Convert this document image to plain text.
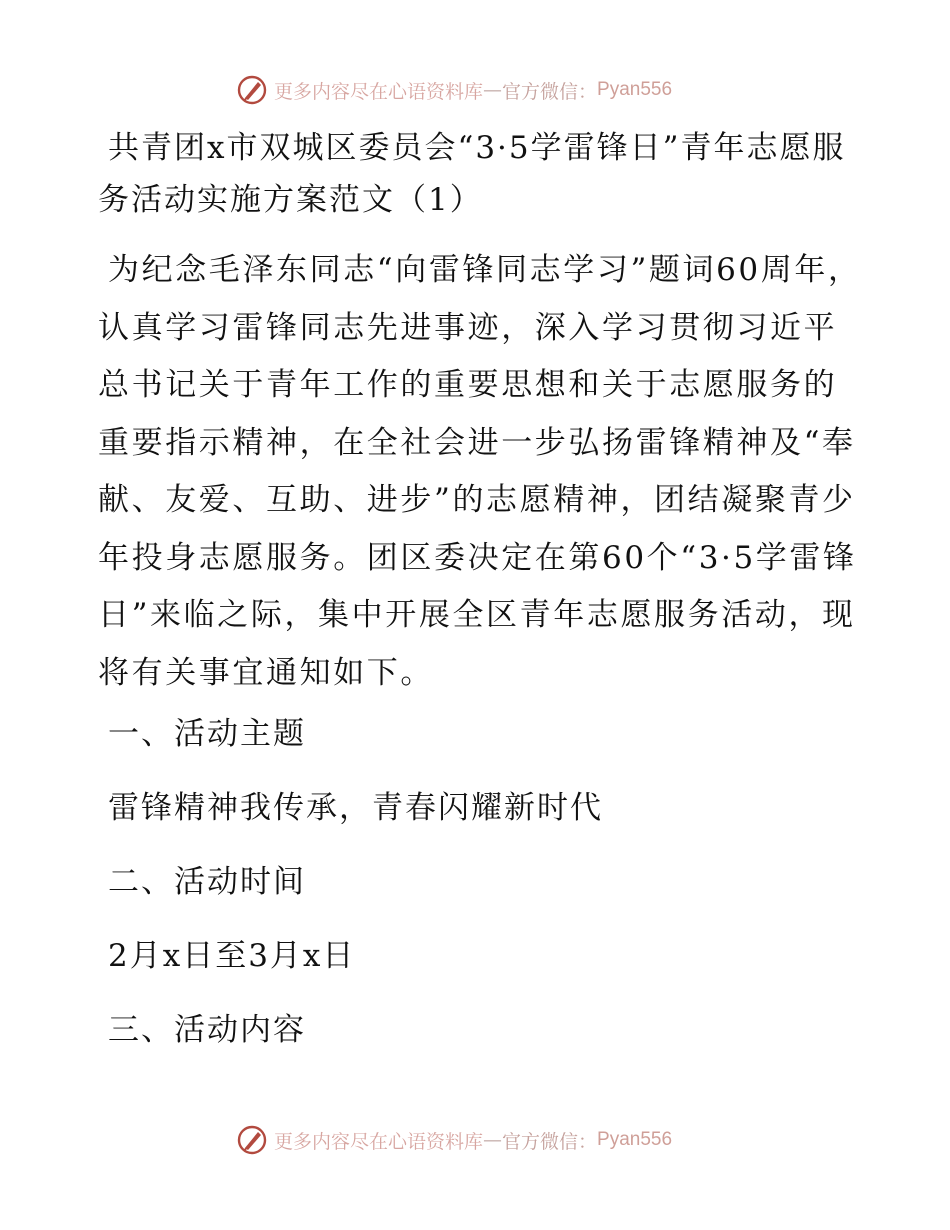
更多内容尽在心语资料库 — 官方微信： Pyan556
共青团x市双城区委员会“3·5学雷锋日”青年志愿服务活动实施方案范文（1）

为纪念毛泽东同志“向雷锋同志学习”题词60周年，认真学习雷锋同志先进事迹，深入学习贯彻习近平总书记关于青年工作的重要思想和关于志愿服务的重要指示精神，在全社会进一步弘扬雷锋精神及“奉献、友爱、互助、进步”的志愿精神，团结凝聚青少年投身志愿服务。团区委决定在第60个“3·5学雷锋日”来临之际，集中开展全区青年志愿服务活动，现将有关事宜通知如下。

一、活动主题
雷锋精神我传承，青春闪耀新时代
二、活动时间
2月x日至3月x日
三、活动内容
更多内容尽在心语资料库 — 官方微信： Pyan556
